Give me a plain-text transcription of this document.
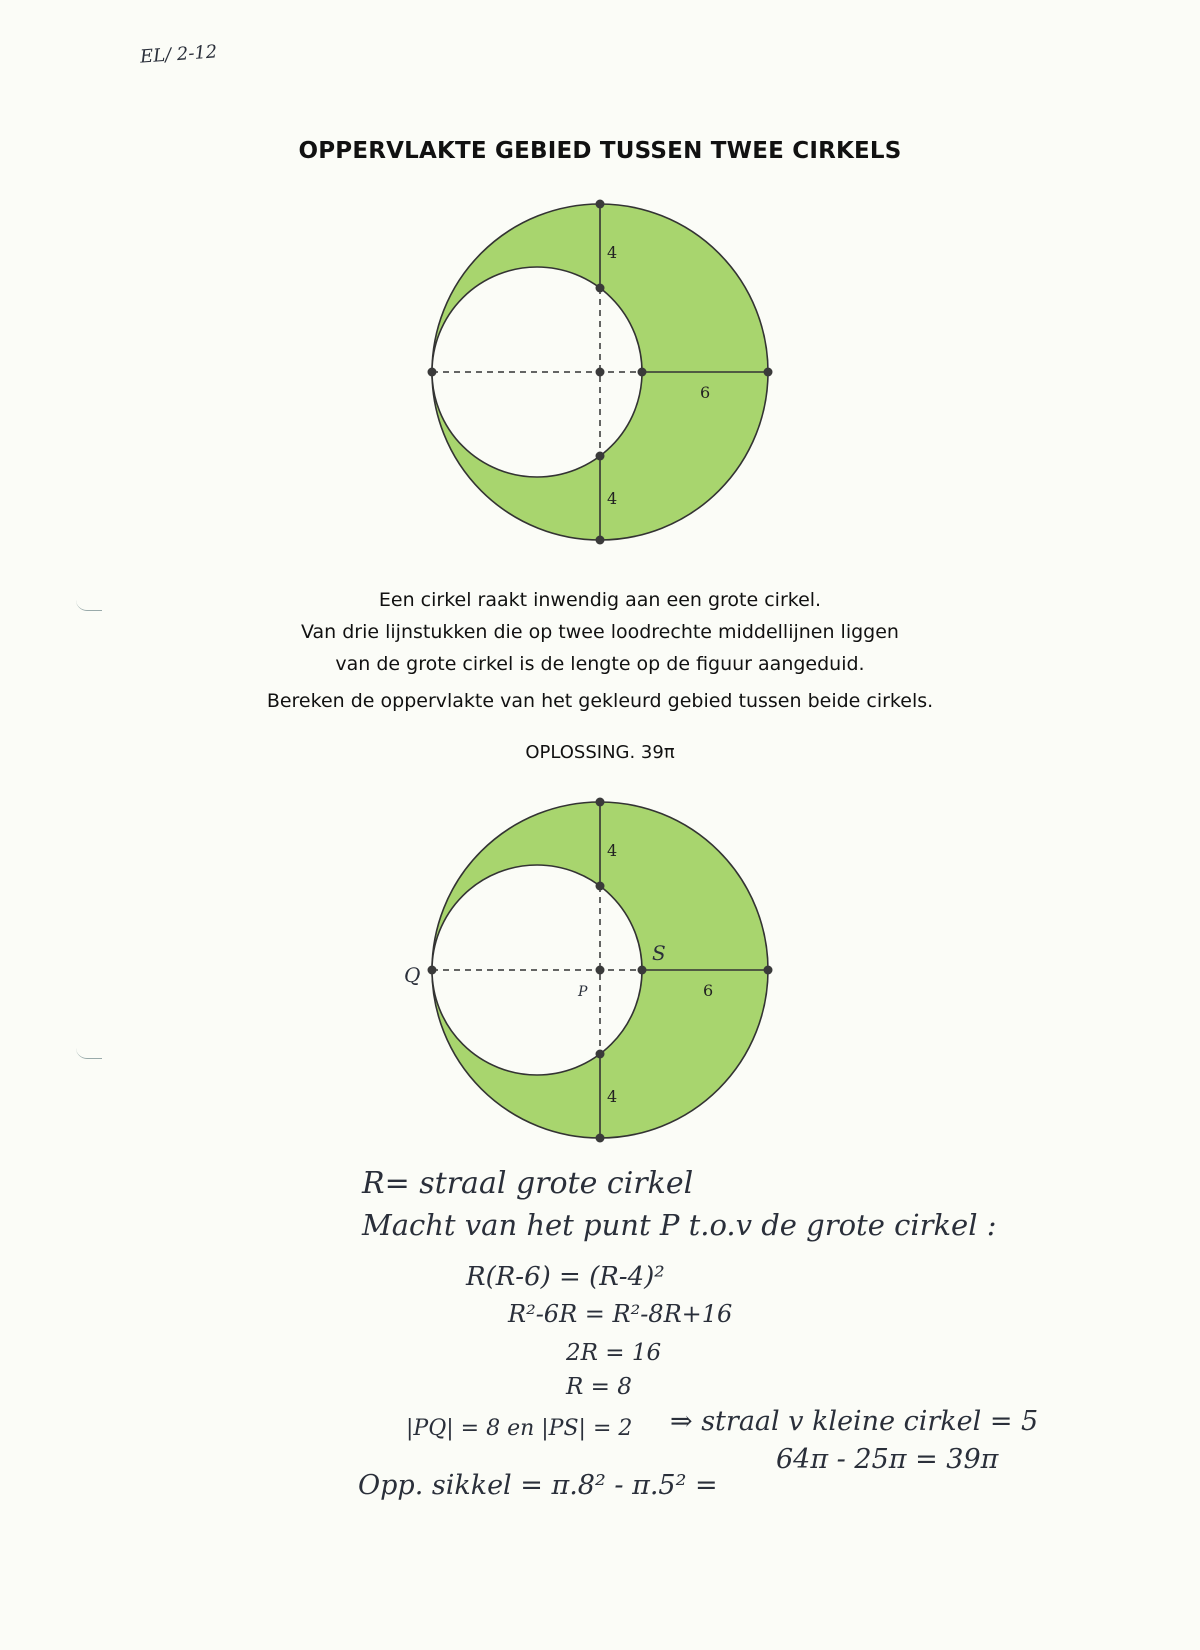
EL/ 2-12
OPPERVLAKTE GEBIED TUSSEN TWEE CIRKELS
4
6
4
4
6
4
Q
P
S

Een cirkel raakt inwendig aan een grote cirkel.

Van drie lijnstukken die op twee loodrechte middellijnen liggen

van de grote cirkel is de lengte op de figuur aangeduid.

Bereken de oppervlakte van het gekleurd gebied tussen beide cirkels.
OPLOSSING. 39π
R= straal grote cirkel
Macht van het punt P t.o.v de grote cirkel :
R(R-6) = (R-4)²
R²-6R = R²-8R+16
2R = 16
R = 8
|PQ| = 8 en |PS| = 2 ⇒ straal v kleine cirkel = 5
Opp. sikkel = π.8² - π.5² =
64π - 25π = 39π
